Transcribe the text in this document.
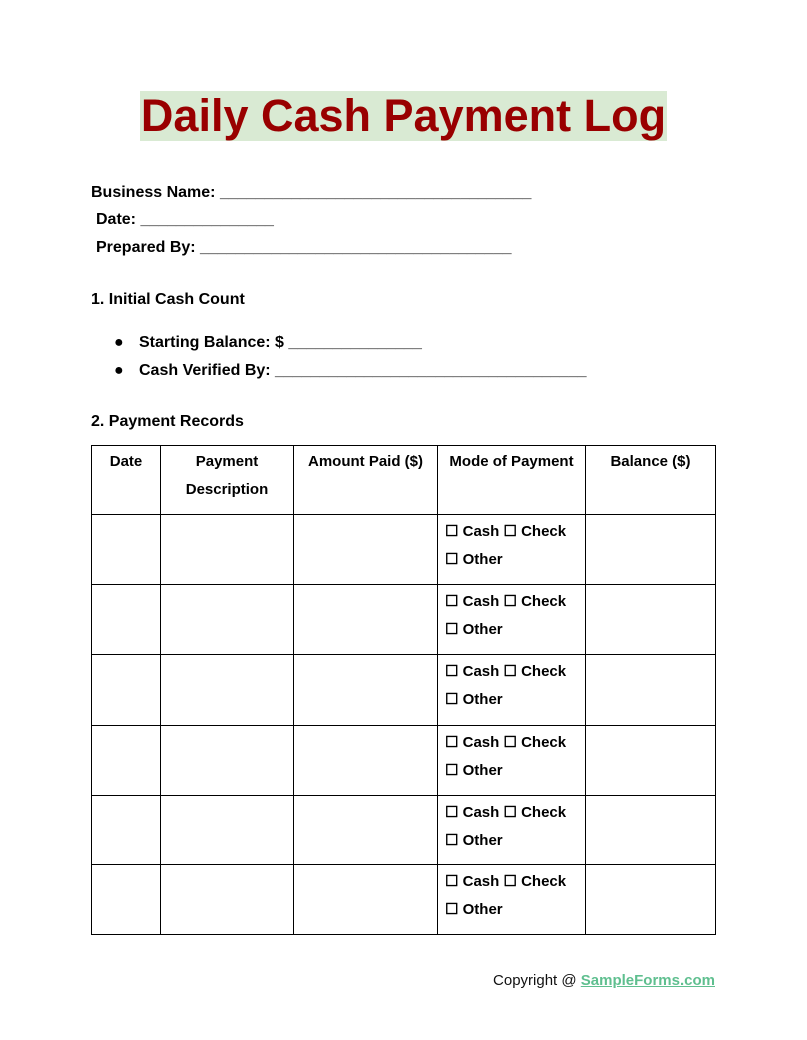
Daily Cash Payment Log
Business Name: ___________________________________
Date: _______________
Prepared By: ___________________________________
1. Initial Cash Count
● Starting Balance: $ _______________
● Cash Verified By: ___________________________________
2. Payment Records
Date	Payment Description	Amount Paid ($)	Mode of Payment	Balance ($)

			☐ Cash ☐ Check
☐ Other	

			☐ Cash ☐ Check
☐ Other	

			☐ Cash ☐ Check
☐ Other	

			☐ Cash ☐ Check
☐ Other	

			☐ Cash ☐ Check
☐ Other	

			☐ Cash ☐ Check
☐ Other	

Copyright @ SampleForms.com
